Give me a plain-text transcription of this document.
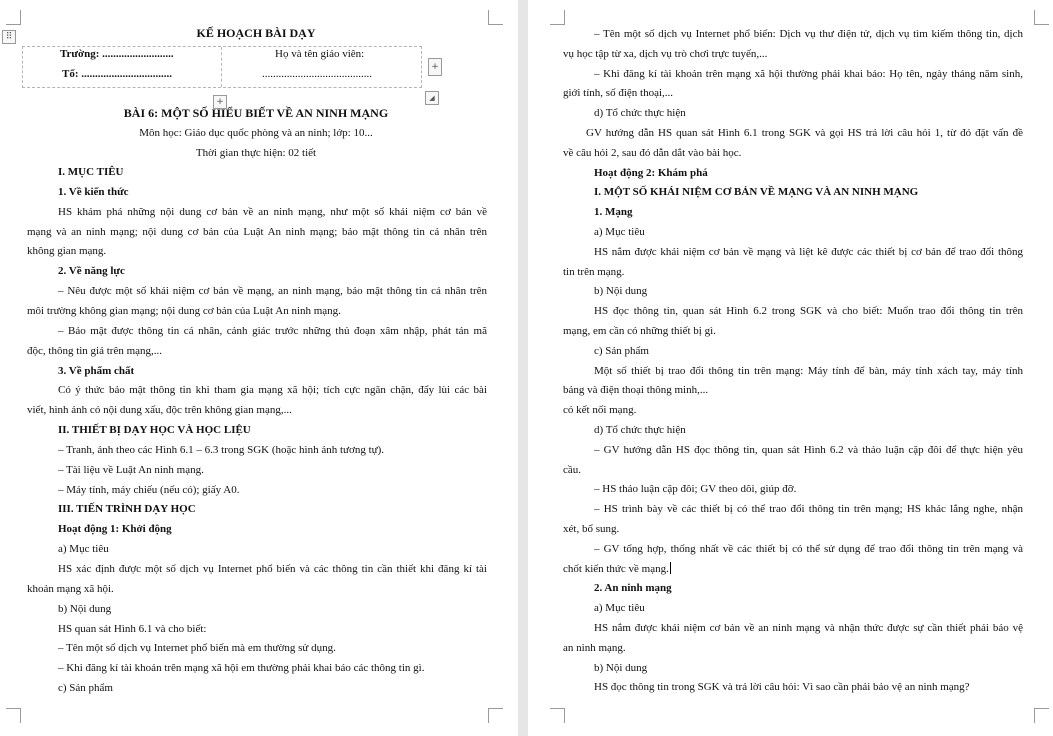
⠿	KẾ HOẠCH BÀI DẠY
Trường: ..........................	Họ và tên giáo viên:
Tổ: .................................	........................................
+
+	◢
BÀI 6: MỘT SỐ HIỂU BIẾT VỀ AN NINH MẠNG
Môn học: Giáo dục quốc phòng và an ninh; lớp: 10...
Thời gian thực hiện: 02 tiết
I. MỤC TIÊU
1. Về kiến thức
HS khám phá những nội dung cơ bản về an ninh mạng, như một số khái niệm cơ bản về
mạng và an ninh mạng; nội dung cơ bản của Luật An ninh mạng; bảo mật thông tin cá nhân trên
không gian mạng.
2. Về năng lực
– Nêu được một số khái niệm cơ bản về mạng, an ninh mạng, bảo mật thông tin cá nhân trên
môi trường không gian mạng; nội dung cơ bản của Luật An ninh mạng.
– Bảo mật được thông tin cá nhân, cảnh giác trước những thủ đoạn xâm nhập, phát tán mã
độc, thông tin giả trên mạng,...
3. Về phẩm chất
Có ý thức bảo mật thông tin khi tham gia mạng xã hội; tích cực ngăn chặn, đẩy lùi các bài
viết, hình ảnh có nội dung xấu, độc trên không gian mạng,...
II. THIẾT BỊ DẠY HỌC VÀ HỌC LIỆU
– Tranh, ảnh theo các Hình 6.1 – 6.3 trong SGK (hoặc hình ảnh tương tự).
– Tài liệu về Luật An ninh mạng.
– Máy tính, máy chiếu (nếu có); giấy A0.
III. TIẾN TRÌNH DẠY HỌC
Hoạt động 1: Khởi động
a) Mục tiêu
HS xác định được một số dịch vụ Internet phổ biến và các thông tin cần thiết khi đăng kí tài
khoản mạng xã hội.
b) Nội dung
HS quan sát Hình 6.1 và cho biết:
– Tên một số dịch vụ Internet phổ biến mà em thường sử dụng.
– Khi đăng kí tài khoản trên mạng xã hội em thường phải khai báo các thông tin gì.
c) Sản phẩm
– Tên một số dịch vụ Internet phổ biến: Dịch vụ thư điện tử, dịch vụ tìm kiếm thông tin, dịch
vụ học tập từ xa, dịch vụ trò chơi trực tuyến,...
– Khi đăng kí tài khoản trên mạng xã hội thường phải khai báo: Họ tên, ngày tháng năm sinh,
giới tính, số điện thoại,...
d) Tổ chức thực hiện
GV hướng dẫn HS quan sát Hình 6.1 trong SGK và gọi HS trả lời câu hỏi 1, từ đó đặt vấn đề
về câu hỏi 2, sau đó dẫn dắt vào bài học.
Hoạt động 2: Khám phá
I. MỘT SỐ KHÁI NIỆM CƠ BẢN VỀ MẠNG VÀ AN NINH MẠNG
1. Mạng
a) Mục tiêu
HS nắm được khái niệm cơ bản về mạng và liệt kê được các thiết bị cơ bản để trao đổi thông
tin trên mạng.
b) Nội dung
HS đọc thông tin, quan sát Hình 6.2 trong SGK và cho biết: Muốn trao đổi thông tin trên
mạng, em cần có những thiết bị gì.
c) Sản phẩm
Một số thiết bị trao đổi thông tin trên mạng: Máy tính để bàn, máy tính xách tay, máy tính
bảng và điện thoại thông minh,...
có kết nối mạng.
d) Tổ chức thực hiện
– GV hướng dẫn HS đọc thông tin, quan sát Hình 6.2 và thảo luận cặp đôi để thực hiện yêu
cầu.
– HS thảo luận cặp đôi; GV theo dõi, giúp đỡ.
– HS trình bày về các thiết bị có thể trao đổi thông tin trên mạng; HS khác lắng nghe, nhận
xét, bổ sung.
– GV tổng hợp, thống nhất về các thiết bị có thể sử dụng để trao đổi thông tin trên mạng và
chốt kiến thức về mạng.
2. An ninh mạng
a) Mục tiêu
HS nắm được khái niệm cơ bản về an ninh mạng và nhận thức được sự cần thiết phải bảo vệ
an ninh mạng.
b) Nội dung
HS đọc thông tin trong SGK và trả lời câu hỏi: Vì sao cần phải bảo vệ an ninh mạng?
